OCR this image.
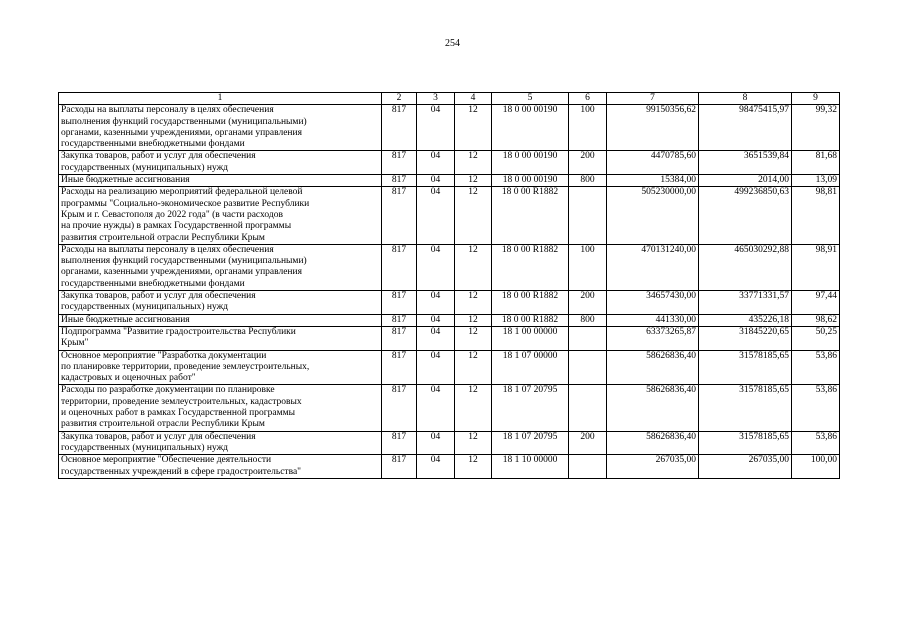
254
1	2	3	4	5	6	7	8	9
Расходы на выплаты персоналу в целях обеспечения
выполнения функций государственными (муниципальными)
органами, казенными учреждениями, органами управления
государственными внебюджетными фондами	817	04	12	18 0 00 00190	100	99150356,62	98475415,97	99,32
Закупка товаров, работ и услуг для обеспечения
государственных (муниципальных) нужд	817	04	12	18 0 00 00190	200	4470785,60	3651539,84	81,68
Иные бюджетные ассигнования	817	04	12	18 0 00 00190	800	15384,00	2014,00	13,09
Расходы на реализацию мероприятий федеральной целевой
программы "Социально-экономическое развитие Республики
Крым и г. Севастополя до 2022 года" (в части расходов
на прочие нужды) в рамках Государственной программы
развития строительной отрасли Республики Крым	817	04	12	18 0 00 R1882		505230000,00	499236850,63	98,81
Расходы на выплаты персоналу в целях обеспечения
выполнения функций государственными (муниципальными)
органами, казенными учреждениями, органами управления
государственными внебюджетными фондами	817	04	12	18 0 00 R1882	100	470131240,00	465030292,88	98,91
Закупка товаров, работ и услуг для обеспечения
государственных (муниципальных) нужд	817	04	12	18 0 00 R1882	200	34657430,00	33771331,57	97,44
Иные бюджетные ассигнования	817	04	12	18 0 00 R1882	800	441330,00	435226,18	98,62
Подпрограмма "Развитие градостроительства Республики
Крым"	817	04	12	18 1 00 00000		63373265,87	31845220,65	50,25
Основное мероприятие "Разработка документации
по планировке территории, проведение землеустроительных,
кадастровых и оценочных работ"	817	04	12	18 1 07 00000		58626836,40	31578185,65	53,86
Расходы по разработке документации по планировке
территории, проведение землеустроительных, кадастровых
и оценочных работ в рамках Государственной программы
развития строительной отрасли Республики Крым	817	04	12	18 1 07 20795		58626836,40	31578185,65	53,86
Закупка товаров, работ и услуг для обеспечения
государственных (муниципальных) нужд	817	04	12	18 1 07 20795	200	58626836,40	31578185,65	53,86
Основное мероприятие "Обеспечение деятельности
государственных учреждений в сфере градостроительства"	817	04	12	18 1 10 00000		267035,00	267035,00	100,00
